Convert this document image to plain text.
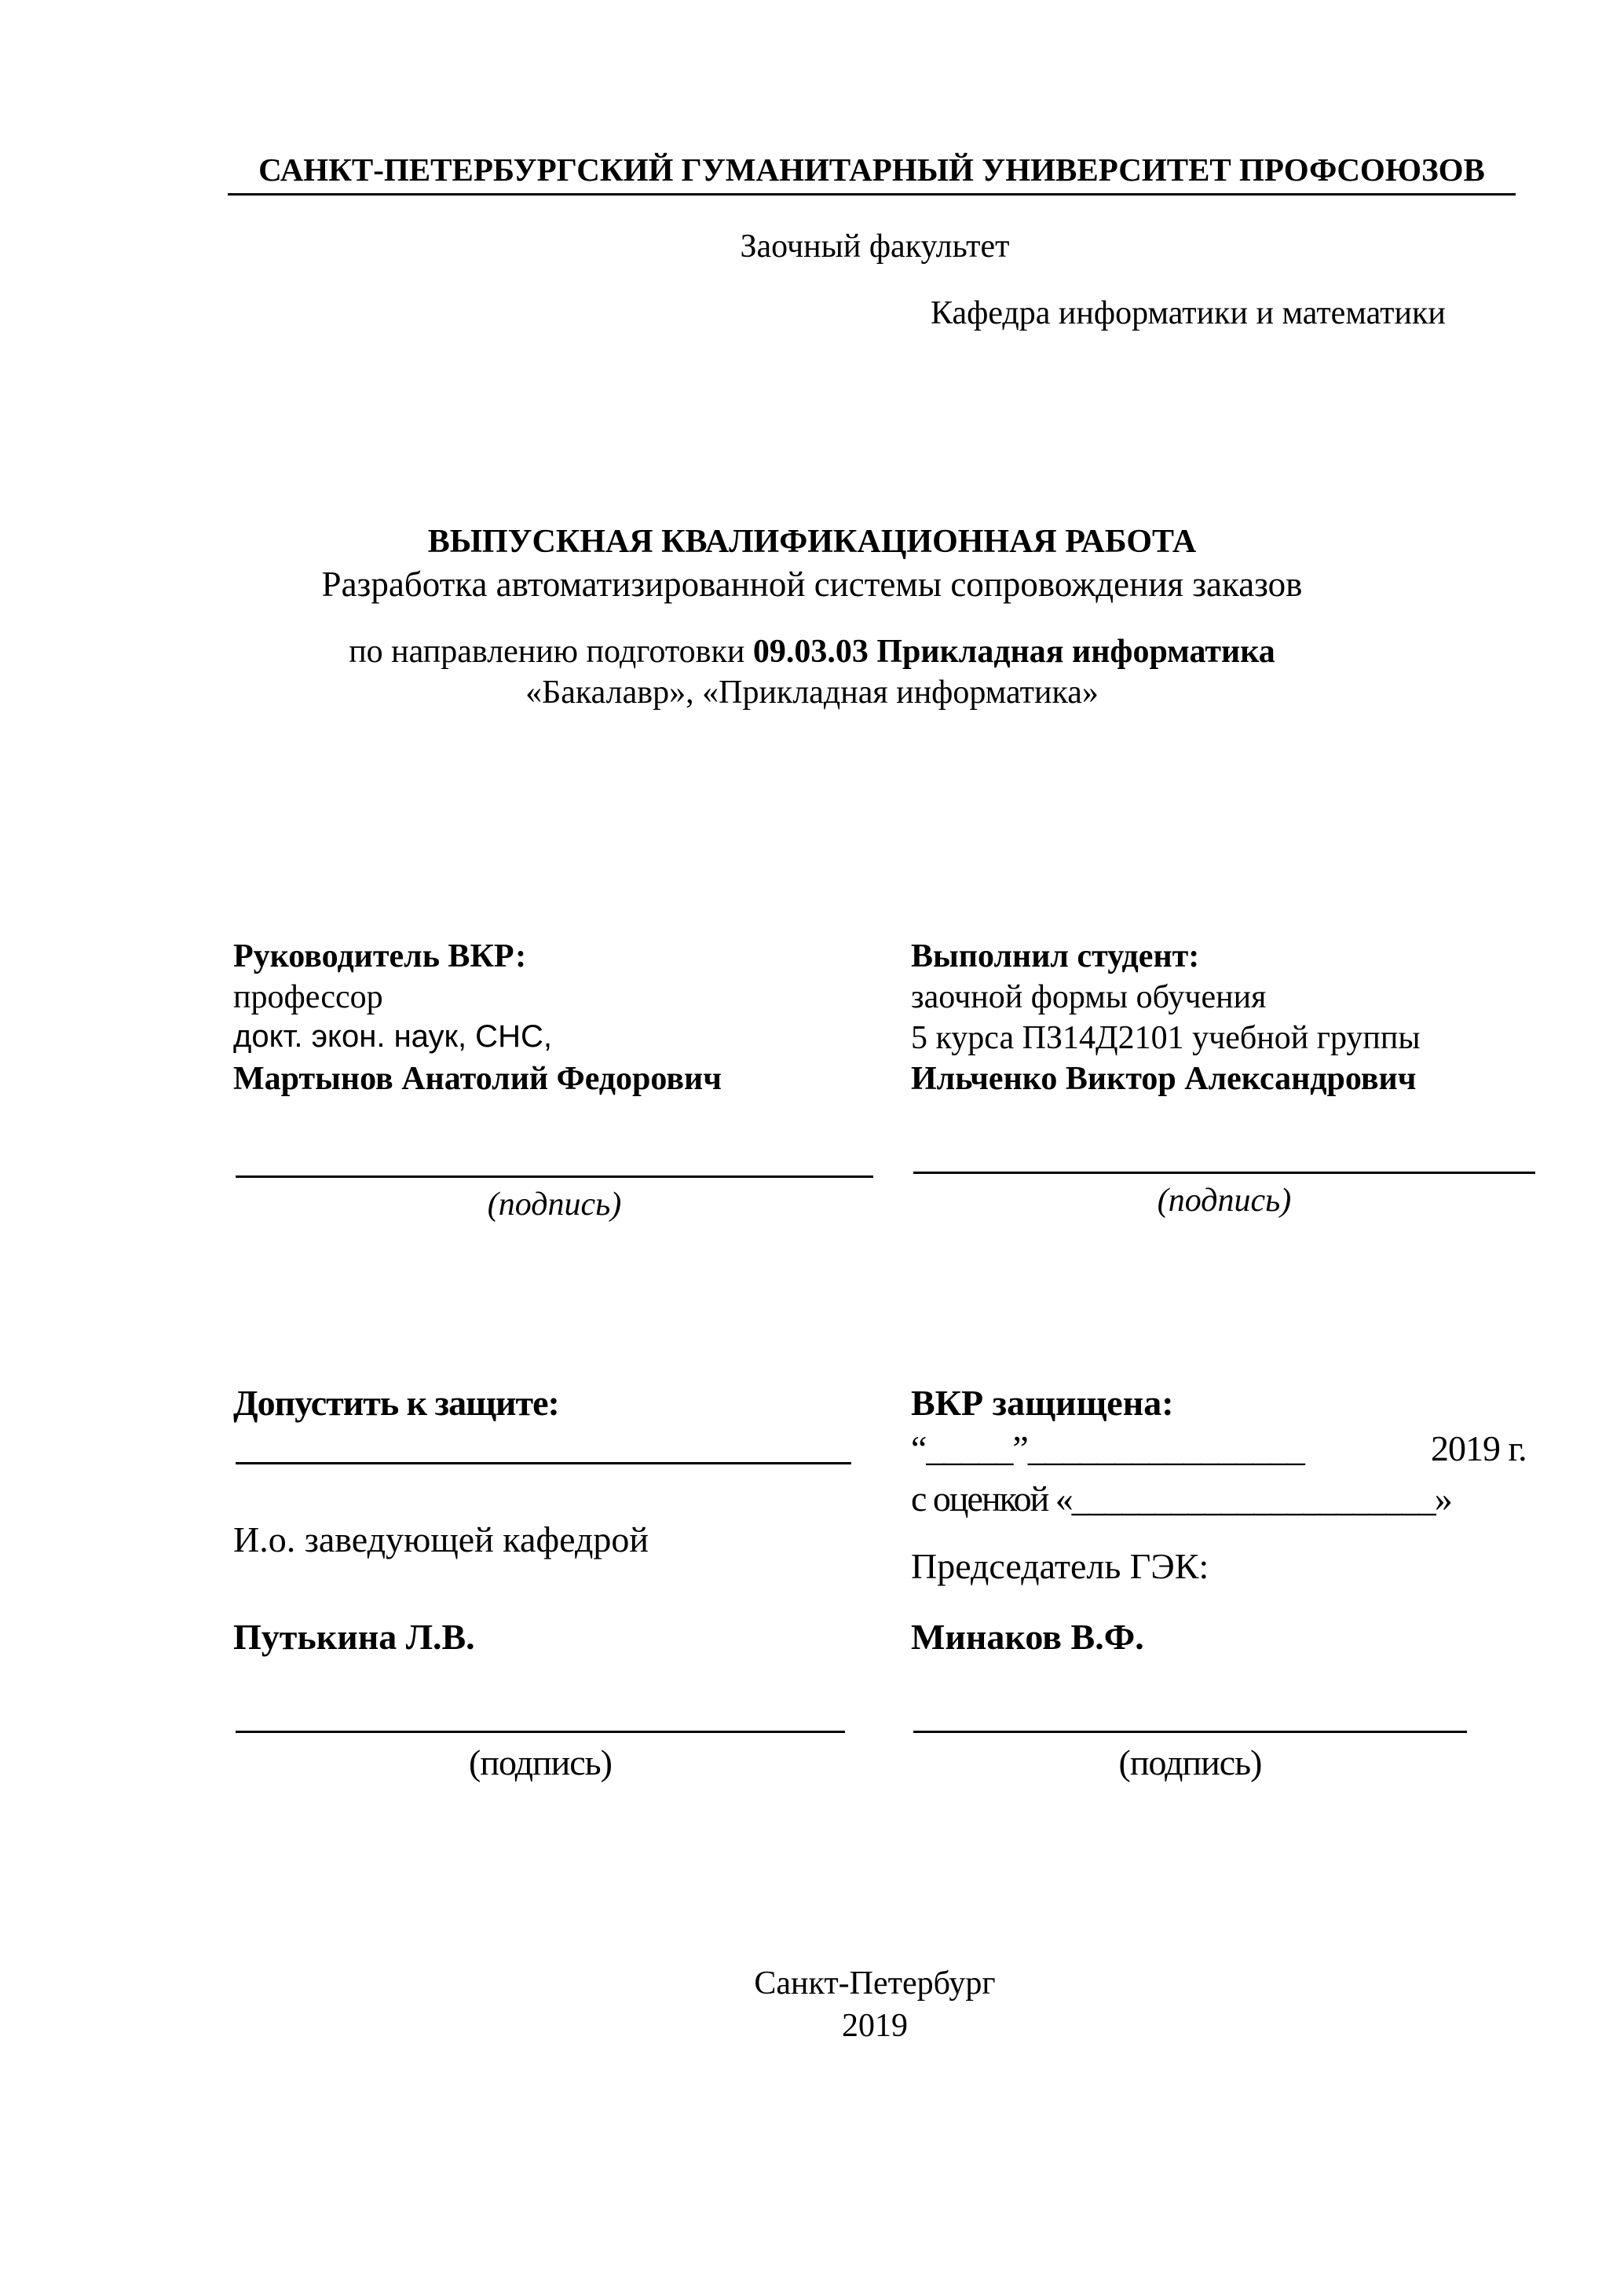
САНКТ-ПЕТЕРБУРГСКИЙ ГУМАНИТАРНЫЙ УНИВЕРСИТЕТ ПРОФСОЮЗОВ
Заочный факультет
Кафедра информатики и математики
ВЫПУСКНАЯ КВАЛИФИКАЦИОННАЯ РАБОТА
Разработка автоматизированной системы сопровождения заказов
по направлению подготовки 09.03.03 Прикладная информатика
«Бакалавр», «Прикладная информатика»
Руководитель ВКР:
профессор
докт. экон. наук, СНС,
Мартынов Анатолий Федорович
(подпись)
Выполнил студент:
заочной формы обучения
5 курса ПЗ14Д2101 учебной группы
Ильченко Виктор Александрович
(подпись)
Допустить к защите:
И.о. заведующей кафедрой
Путькина Л.В.
(подпись)
ВКР защищена:
“_____”________________	2019 г.
с оценкой «______________________»
Председатель ГЭК:
Минаков В.Ф.
(подпись)
Санкт-Петербург
2019
